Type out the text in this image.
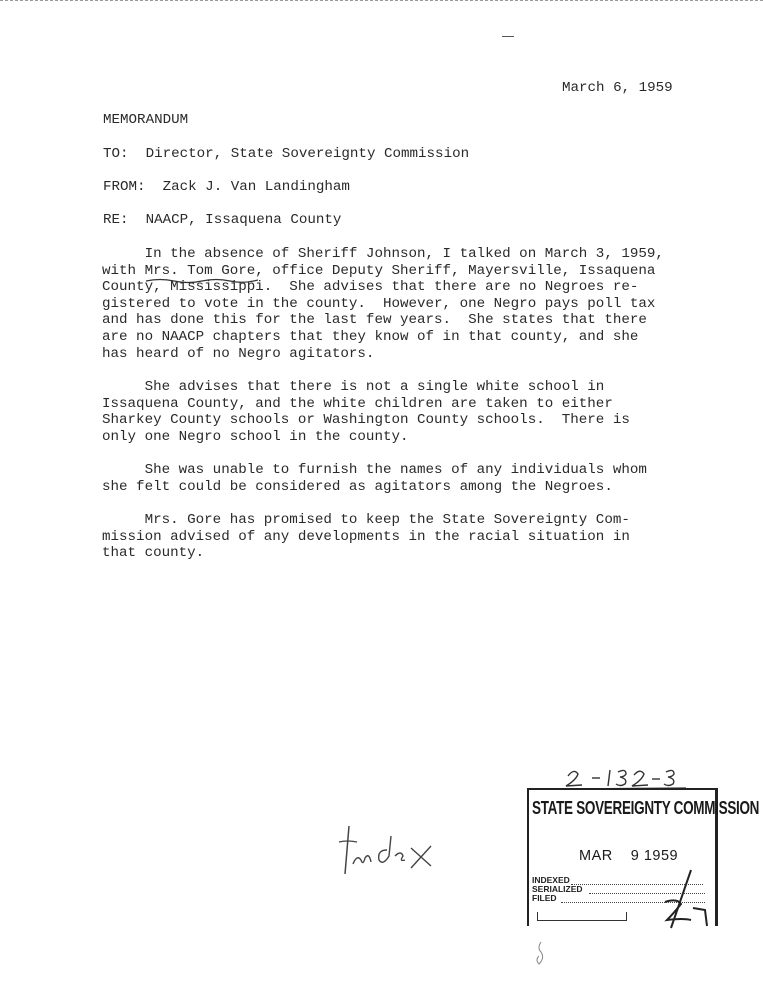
March 6, 1959
MEMORANDUM
TO: Director, State Sovereignty Commission
FROM: Zack J. Van Landingham
RE: NAACP, Issaquena County
In the absence of Sheriff Johnson, I talked on March 3, 1959,
with Mrs. Tom Gore, office Deputy Sheriff, Mayersville, Issaquena
County, Mississippi.  She advises that there are no Negroes re-
gistered to vote in the county.  However, one Negro pays poll tax
and has done this for the last few years.  She states that there
are no NAACP chapters that they know of in that county, and she
has heard of no Negro agitators.
She advises that there is not a single white school in
Issaquena County, and the white children are taken to either
Sharkey County schools or Washington County schools.  There is
only one Negro school in the county.
She was unable to furnish the names of any individuals whom
she felt could be considered as agitators among the Negroes.
Mrs. Gore has promised to keep the State Sovereignty Com-
mission advised of any developments in the racial situation in
that county.
STATE SOVEREIGNTY COMMISSION
MAR 9 1959
INDEXED
SERIALIZED
FILED
